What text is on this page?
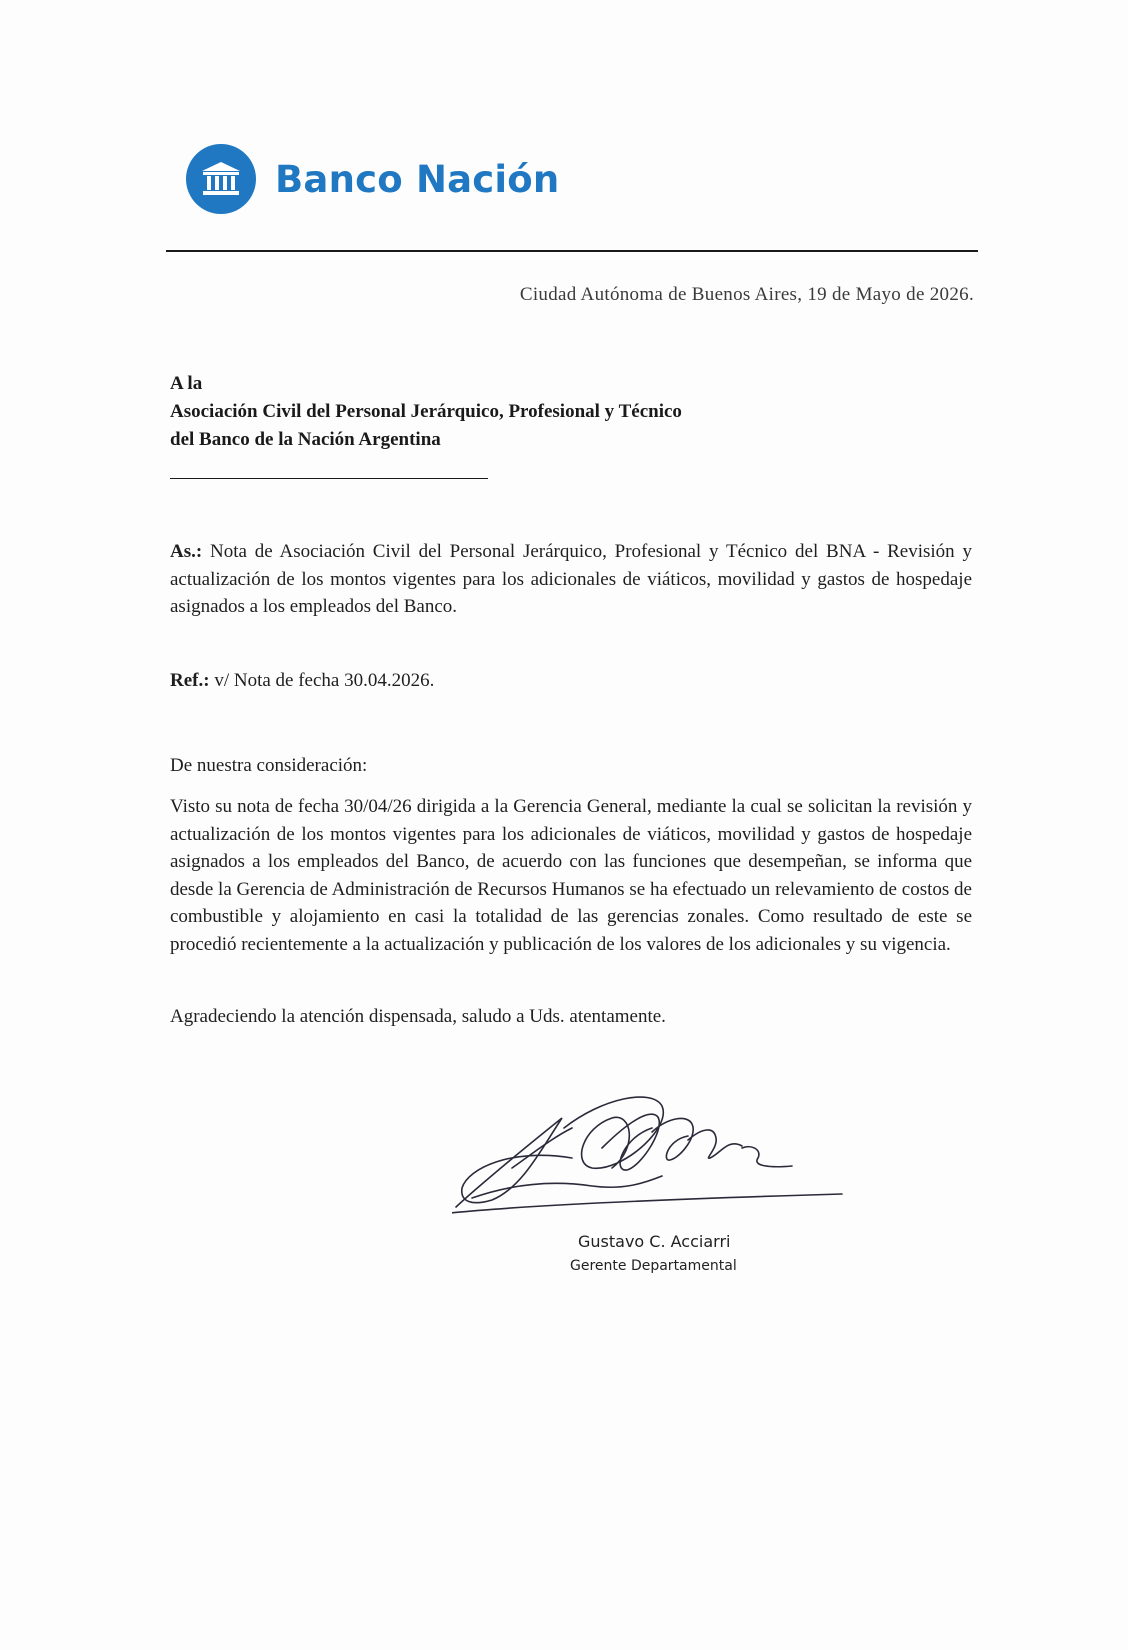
Banco Nación
Ciudad Autónoma de Buenos Aires, 19 de Mayo de 2026.
A la
Asociación Civil del Personal Jerárquico, Profesional y Técnico
del Banco de la Nación Argentina
As.: Nota de Asociación Civil del Personal Jerárquico, Profesional y Técnico del BNA - Revisión y actualización de los montos vigentes para los adicionales de viáticos, movilidad y gastos de hospedaje asignados a los empleados del Banco.
Ref.: v/ Nota de fecha 30.04.2026.
De nuestra consideración:
Visto su nota de fecha 30/04/26 dirigida a la Gerencia General, mediante la cual se solicitan la revisión y actualización de los montos vigentes para los adicionales de viáticos, movilidad y gastos de hospedaje asignados a los empleados del Banco, de acuerdo con las funciones que desempeñan, se informa que desde la Gerencia de Administración de Recursos Humanos se ha efectuado un relevamiento de costos de combustible y alojamiento en casi la totalidad de las gerencias zonales. Como resultado de este se procedió recientemente a la actualización y publicación de los valores de los adicionales y su vigencia.
Agradeciendo la atención dispensada, saludo a Uds. atentamente.
Gustavo C. Acciarri
Gerente Departamental
